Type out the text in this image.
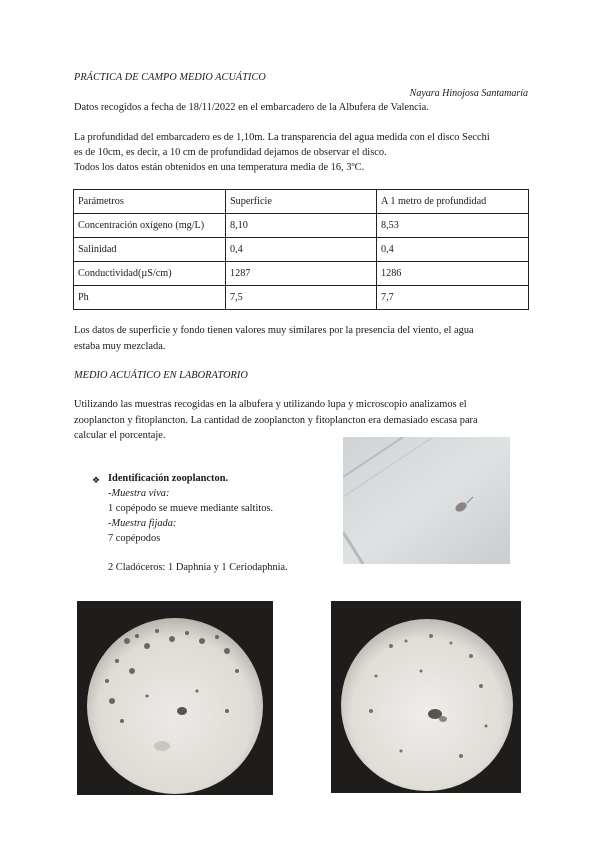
PRÁCTICA DE CAMPO MEDIO ACUÁTICO
Nayara Hinojosa Santamaría
Datos recogidos a fecha de 18/11/2022 en el embarcadero de la Albufera de Valencia.
La profundidad del embarcadero es de 1,10m. La transparencia del agua medida con el disco Secchi
es de 10cm, es decir, a 10 cm de profundidad dejamos de observar el disco.
Todos los datos están obtenidos en una temperatura media de 16, 3ºC.
Parámetros	Superficie	A 1 metro de profundidad
Concentración oxígeno (mg/L)	8,10	8,53
Salinidad	0,4	0,4
Conductividad(µS/cm)	1287	1286
Ph	7,5	7,7
Los datos de superficie y fondo tienen valores muy similares por la presencia del viento, el agua
estaba muy mezclada.
MEDIO ACUÁTICO EN LABORATORIO
Utilizando las muestras recogidas en la albufera y utilizando lupa y microscopio analizamos el
zooplancton y fitoplancton. La cantidad de zooplancton y fitoplancton era demasiado escasa para
calcular el porcentaje.
❖ Identificación zooplancton.
-Muestra viva:
1 copépodo se mueve mediante saltitos.
-Muestra fijada:
7 copépodos
2 Cladóceros: 1 Daphnia y 1 Ceriodaphnia.
